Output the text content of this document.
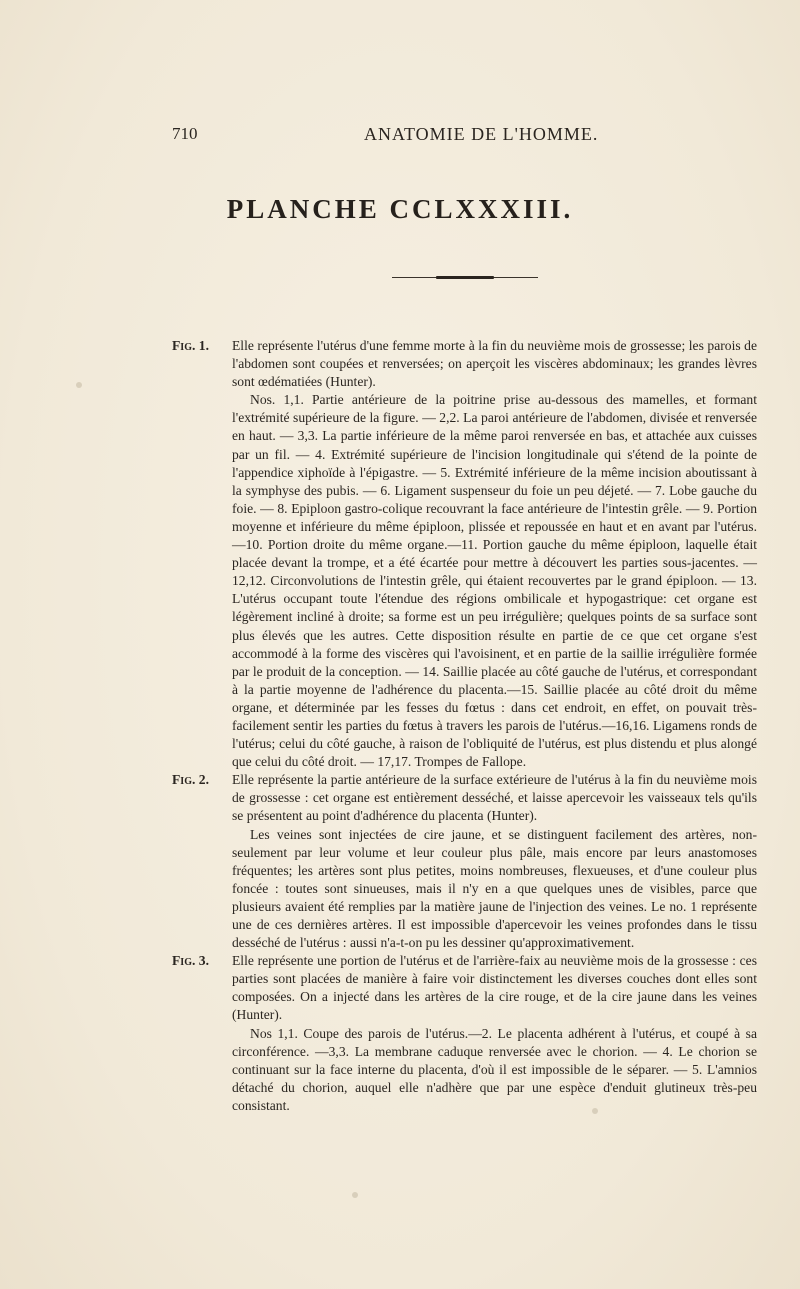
710	ANATOMIE DE L'HOMME.
PLANCHE CCLXXXIII.
Fig. 1.	Elle représente l'utérus d'une femme morte à la fin du neuvième mois de grossesse; les parois de l'abdomen sont coupées et renversées; on aperçoit les viscères abdominaux; les grandes lèvres sont œdématiées (Hunter).

Nos. 1,1. Partie antérieure de la poitrine prise au-dessous des mamelles, et formant l'extrémité supérieure de la figure. — 2,2. La paroi antérieure de l'abdomen, divisée et renversée en haut. — 3,3. La partie inférieure de la même paroi renversée en bas, et attachée aux cuisses par un fil. — 4. Extrémité supérieure de l'incision longitudinale qui s'étend de la pointe de l'appendice xiphoïde à l'épigastre. — 5. Extrémité inférieure de la même incision aboutissant à la symphyse des pubis. — 6. Ligament suspenseur du foie un peu déjeté. — 7. Lobe gauche du foie. — 8. Epiploon gastro-colique recouvrant la face antérieure de l'intestin grêle. — 9. Portion moyenne et inférieure du même épiploon, plissée et repoussée en haut et en avant par l'utérus. —10. Portion droite du même organe.—11. Portion gauche du même épiploon, laquelle était placée devant la trompe, et a été écartée pour mettre à découvert les parties sous-jacentes. — 12,12. Circonvolutions de l'intestin grêle, qui étaient recouvertes par le grand épiploon. — 13. L'utérus occupant toute l'étendue des régions ombilicale et hypogastrique: cet organe est légèrement incliné à droite; sa forme est un peu irrégulière; quelques points de sa surface sont plus élevés que les autres. Cette disposition résulte en partie de ce que cet organe s'est accommodé à la forme des viscères qui l'avoisinent, et en partie de la saillie irrégulière formée par le produit de la conception. — 14. Saillie placée au côté gauche de l'utérus, et correspondant à la partie moyenne de l'adhérence du placenta.—15. Saillie placée au côté droit du même organe, et déterminée par les fesses du fœtus : dans cet endroit, en effet, on pouvait très-facilement sentir les parties du fœtus à travers les parois de l'utérus.—16,16. Ligamens ronds de l'utérus; celui du côté gauche, à raison de l'obliquité de l'utérus, est plus distendu et plus alongé que celui du côté droit. — 17,17. Trompes de Fallope.

Fig. 2.	Elle représente la partie antérieure de la surface extérieure de l'utérus à la fin du neuvième mois de grossesse : cet organe est entièrement desséché, et laisse apercevoir les vaisseaux tels qu'ils se présentent au point d'adhérence du placenta (Hunter).

Les veines sont injectées de cire jaune, et se distinguent facilement des artères, non-seulement par leur volume et leur couleur plus pâle, mais encore par leurs anastomoses fréquentes; les artères sont plus petites, moins nombreuses, flexueuses, et d'une couleur plus foncée : toutes sont sinueuses, mais il n'y en a que quelques unes de visibles, parce que plusieurs avaient été remplies par la matière jaune de l'injection des veines. Le no. 1 représente une de ces dernières artères. Il est impossible d'apercevoir les veines profondes dans le tissu desséché de l'utérus : aussi n'a-t-on pu les dessiner qu'approximativement.

Fig. 3.	Elle représente une portion de l'utérus et de l'arrière-faix au neuvième mois de la grossesse : ces parties sont placées de manière à faire voir distinctement les diverses couches dont elles sont composées. On a injecté dans les artères de la cire rouge, et de la cire jaune dans les veines (Hunter).

Nos 1,1. Coupe des parois de l'utérus.—2. Le placenta adhérent à l'utérus, et coupé à sa circonférence. —3,3. La membrane caduque renversée avec le chorion. — 4. Le chorion se continuant sur la face interne du placenta, d'où il est impossible de le séparer. — 5. L'amnios détaché du chorion, auquel elle n'adhère que par une espèce d'enduit glutineux très-peu consistant.
